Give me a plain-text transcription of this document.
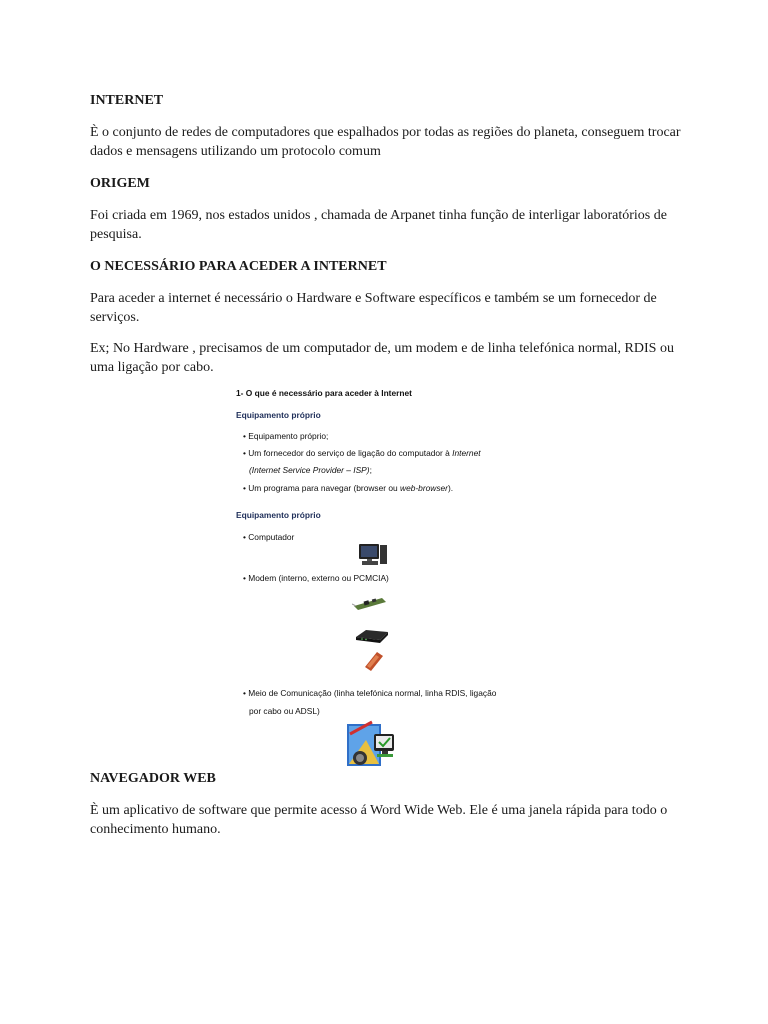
INTERNET

È o conjunto de redes de computadores que espalhados por todas as regiões do planeta, conseguem trocar dados e mensagens utilizando um protocolo comum

ORIGEM

Foi criada em 1969, nos estados unidos , chamada de Arpanet tinha função de interligar laboratórios de pesquisa.

O NECESSÁRIO PARA ACEDER A INTERNET

Para aceder a internet é necessário o Hardware e Software específicos e também se um fornecedor de serviços.

Ex; No Hardware , precisamos de um computador de, um modem e de linha telefónica normal, RDIS ou uma ligação por cabo.

1- O que é necessário para aceder à Internet
Equipamento próprio
• Equipamento próprio;
• Um fornecedor do serviço de ligação do computador à Internet
(Internet Service Provider – ISP);
• Um programa para navegar (browser ou web-browser).
Equipamento próprio
• Computador
• Modem (interno, externo ou PCMCIA)
• Meio de Comunicação (linha telefónica normal, linha RDIS, ligação
por cabo ou ADSL)

NAVEGADOR WEB

È um aplicativo de software que permite acesso á Word Wide Web. Ele é uma janela rápida para todo o conhecimento humano.
